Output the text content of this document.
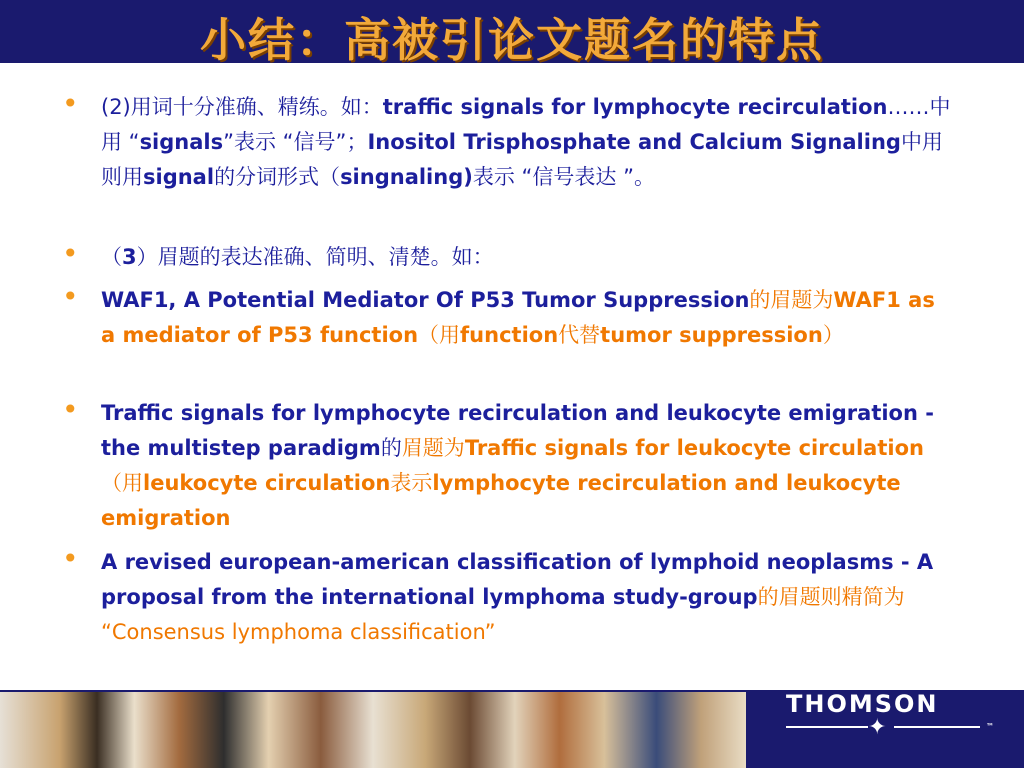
小结：高被引论文题名的特点
• (2)用词十分准确、精练。如：traffic signals for lymphocyte recirculation……中用 “signals”表示 “信号”；Inositol Trisphosphate and Calcium Signaling中用则用signal的分词形式（singnaling)表示 “信号表达 ”。
• （3）眉题的表达准确、简明、清楚。如：
• WAF1, A Potential Mediator Of P53 Tumor Suppression的眉题为WAF1 as a mediator of P53 function（用function代替tumor suppression）
• Traffic signals for lymphocyte recirculation and leukocyte emigration - the multistep paradigm的眉题为Traffic signals for leukocyte circulation（用leukocyte circulation表示lymphocyte recirculation and leukocyte emigration
• A revised european-american classification of lymphoid neoplasms - A proposal from the international lymphoma study-group的眉题则精简为 “Consensus lymphoma classification”
THOMSON
✦	™
